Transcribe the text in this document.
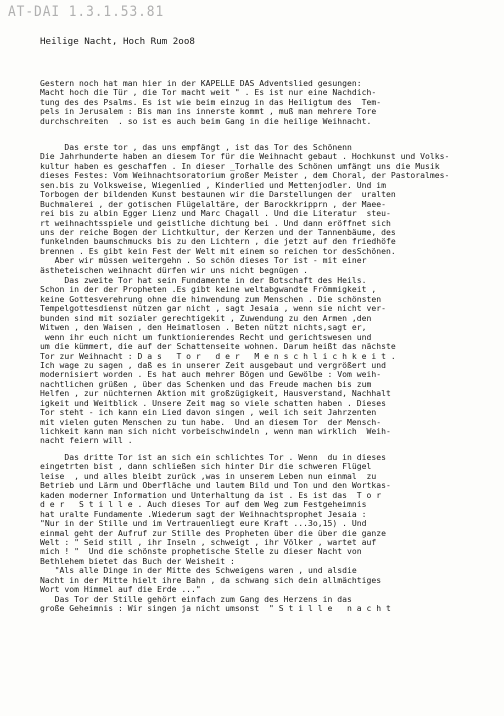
AT-DAI 1.3.1.53.81
Heilige Nacht, Hoch Rum 2oo8
Gestern noch hat man hier in der KAPELLE DAS Adventslied gesungen:
Macht hoch die Tür , die Tor macht weit " . Es ist nur eine Nachdich-
tung des des Psalms. Es ist wie beim einzug in das Heiligtum des  Tem-
pels in Jerusalem : Bis man ins innerste kommt , muß man mehrere Tore
durchschreiten  . so ist es auch beim Gang in die heilige Weihnacht.
Das erste tor , das uns empfängt , ist das Tor des Schönenn
Die Jahrhunderte haben an diesem Tor für die Weihnacht gebaut . Hochkunst und Volks-
kultur haben es geschaffen . In dieser _Torhalle des Schönen umfängt uns die Musik
dieses Festes: Vom Weihnachtsoratorium großer Meister , dem Choral, der Pastoralmes-
sen.bis zu Volksweise, Wiegenlied , Kinderlied und Mettenjodler. Und im
Torbogen der bildenden Kunst bestaunen wir die Darstellungen der  uralten
Buchmalerei , der gotischen Flügelaltäre, der Barockkripprn , der Maee-
rei bis zu albin Egger Lienz und Marc Chagall . Und die Literatur  steu-
rt weihnachtsspiele und geistliche dichtung bei . Und dann eröffnet sich
uns der reiche Bogen der Lichtkultur, der Kerzen und der Tannenbäume, des
funkelnden baumschmucks bis zu den Lichtern , die jetzt auf den friedhöfe
brennen . Es gibt kein Fest der Welt mit einem so reichen tor desSchönen.
Aber wir müssen weitergehn . So schön dieses Tor ist - mit einer
ästheteischen weihnacht dürfen wir uns nicht begnügen .
Das zweite Tor hat sein Fundamente in der Botschaft des Heils.
Schon in der der Propheten .Es gibt keine weltabgwandte Frömmigkeit ,
keine Gottesverehrung ohne die hinwendung zum Menschen . Die schönsten
Tempelgottesdienst nützen gar nicht , sagt Jesaia , wenn sie nicht ver-
bunden sind mit sozialer gerechtigekit , Zuwendung zu den Armen ,den
Witwen , den Waisen , den Heimatlosen . Beten nützt nichts,sagt er,
wenn ihr euch nicht um funktionierendes Recht und gerichtswesen und
um die kümmert, die auf der Schattenseite wohnen. Darum heißt das nächste
Tor zur Weihnacht : D a s   T o r   d e r   M e n s c h l i c h k e i t .
Ich wage zu sagen , daß es in unserer Zeit ausgebaut und vergrößert und
modernisiert worden . Es hat auch mehrer Bögen und Gewölbe : Vom weih-
nachtlichen grüßen , über das Schenken und das Freude machen bis zum
Helfen , zur nüchternen Aktion mit großzügigkeit, Hausverstand, Nachhalt
igkeit und Weitblick . Unsere Zeit mag so viele schatten haben . Dieses
Tor steht - ich kann ein Lied davon singen , weil ich seit Jahrzenten
mit vielen guten Menschen zu tun habe.  Und an diesem Tor  der Mensch-
lichkeit kann man sich nicht vorbeischwindeln , wenn man wirklich  Weih-
nacht feiern will .
Das dritte Tor ist an sich ein schlichtes Tor . Wenn  du in dieses
eingetrten bist , dann schließen sich hinter Dir die schweren Flügel
leise  , und alles bleibt zurück ,was in unserem Leben nun einmal  zu
Betrieb und Lärm und Oberfläche und lautem Bild und Ton und den Wortkas-
kaden moderner Information und Unterhaltung da ist . Es ist das  T o r
d e r   S t i l l e . Auch dieses Tor auf dem Weg zum Festgeheimnis
hat uralte Fundamente .Wiederum sagt der Weihnachtsprophet Jesaia :
"Nur in der Stille und im Vertrauenliegt eure Kraft ...3o,15) . Und
einmal geht der Aufruf zur Stille des Propheten über die über die ganze
Welt : " Seid still , ihr Inseln , schweigt , ihr Völker , wartet auf
mich ! "  Und die schönste prophetische Stelle zu dieser Nacht von
Bethlehem bietet das Buch der Weisheit :
"Als alle Dinge in der Mitte des Schweigens waren , und alsdie
Nacht in der Mitte hielt ihre Bahn , da schwang sich dein allmächtiges
Wort vom Himmel auf die Erde ..."
Das Tor der Stille gehört einfach zum Gang des Herzens in das
große Geheimnis : Wir singen ja nicht umsonst  " S t i l l e   n a c h t
